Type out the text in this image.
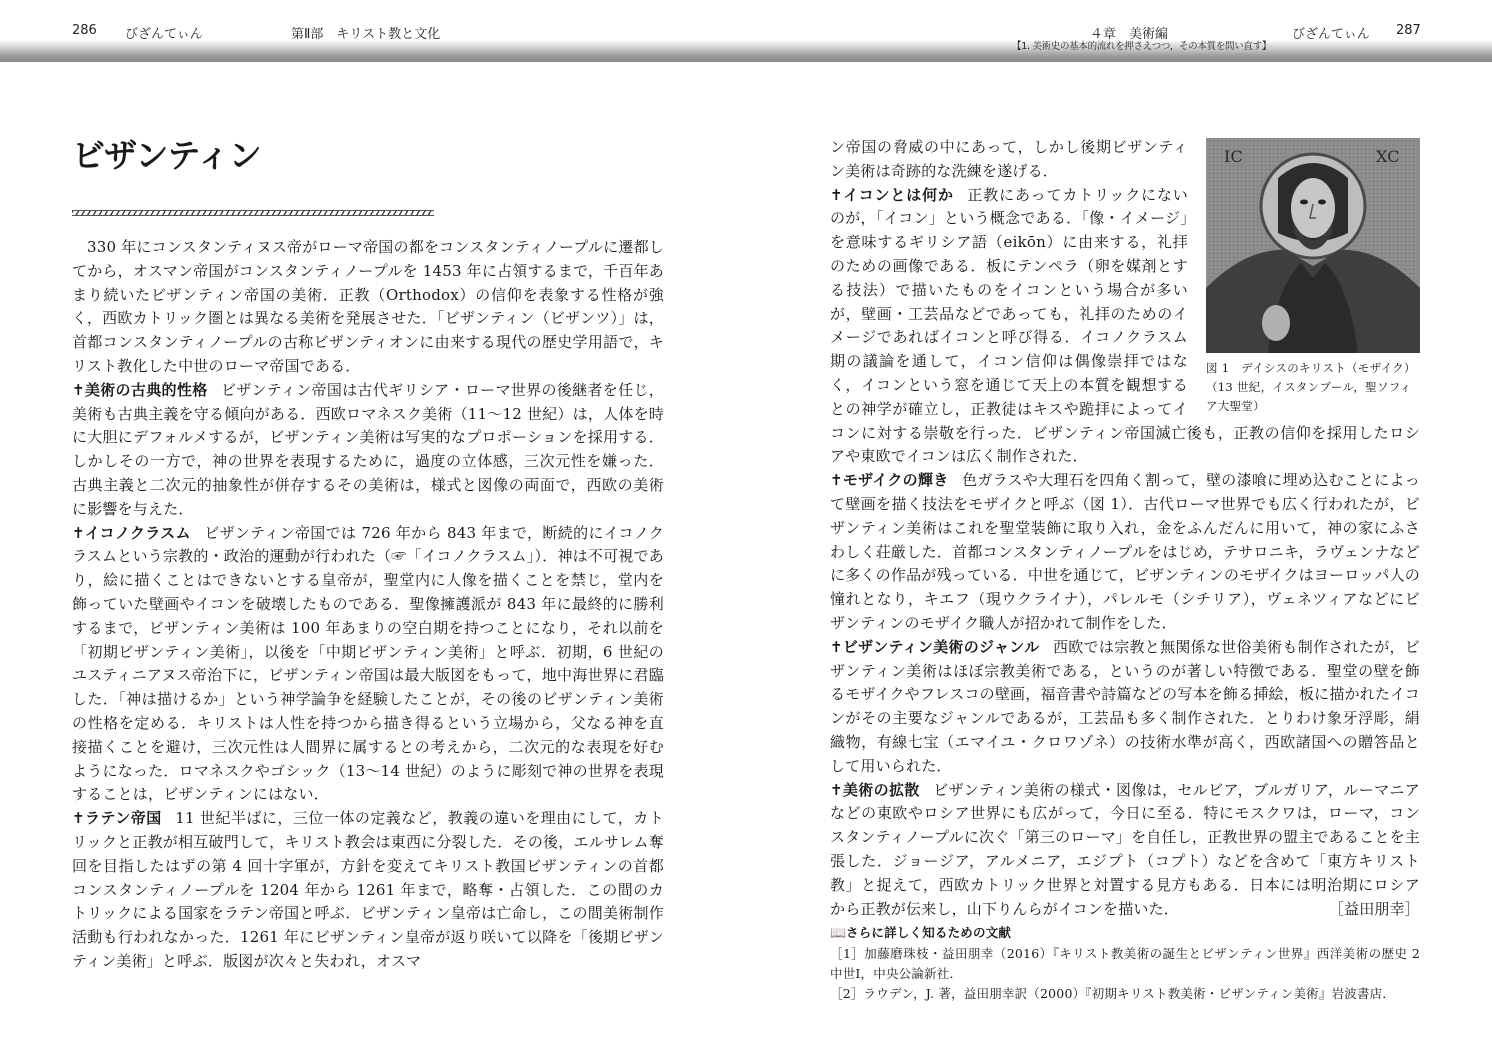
286 びざんてぃん	第Ⅱ部　キリスト教と文化	４章　美術編
【1. 美術史の基本的流れを押さえつつ，その本質を問い直す】
びざんてぃん 287
ビザンティン

330 年にコンスタンティヌス帝がローマ帝国の都をコンスタンティノープルに遷都してから，オスマン帝国がコンスタンティノープルを 1453 年に占領するまで，千百年あまり続いたビザンティン帝国の美術．正教（Orthodox）の信仰を表象する性格が強く，西欧カトリック圏とは異なる美術を発展させた．「ビザンティン（ビザンツ）」は，首都コンスタンティノープルの古称ビザンティオンに由来する現代の歴史学用語で，キリスト教化した中世のローマ帝国である．

✝美術の古典的性格 ビザンティン帝国は古代ギリシア・ローマ世界の後継者を任じ，美術も古典主義を守る傾向がある．西欧ロマネスク美術（11～12 世紀）は，人体を時に大胆にデフォルメするが，ビザンティン美術は写実的なプロポーションを採用する．しかしその一方で，神の世界を表現するために，過度の立体感，三次元性を嫌った．古典主義と二次元的抽象性が併存するその美術は，様式と図像の両面で，西欧の美術に影響を与えた．

✝イコノクラスム ビザンティン帝国では 726 年から 843 年まで，断続的にイコノクラスムという宗教的・政治的運動が行われた（☞「イコノクラスム」）．神は不可視であり，絵に描くことはできないとする皇帝が，聖堂内に人像を描くことを禁じ，堂内を飾っていた壁画やイコンを破壊したものである．聖像擁護派が 843 年に最終的に勝利するまで，ビザンティン美術は 100 年あまりの空白期を持つことになり，それ以前を「初期ビザンティン美術」，以後を「中期ビザンティン美術」と呼ぶ．初期，6 世紀のユスティニアヌス帝治下に，ビザンティン帝国は最大版図をもって，地中海世界に君臨した．「神は描けるか」という神学論争を経験したことが，その後のビザンティン美術の性格を定める．キリストは人性を持つから描き得るという立場から，父なる神を直接描くことを避け，三次元性は人間界に属するとの考えから，二次元的な表現を好むようになった．ロマネスクやゴシック（13～14 世紀）のように彫刻で神の世界を表現することは，ビザンティンにはない．

✝ラテン帝国 11 世紀半ばに，三位一体の定義など，教義の違いを理由にして，カトリックと正教が相互破門して，キリスト教会は東西に分裂した．その後，エルサレム奪回を目指したはずの第 4 回十字軍が，方針を変えてキリスト教国ビザンティンの首都コンスタンティノープルを 1204 年から 1261 年まで，略奪・占領した．この間のカトリックによる国家をラテン帝国と呼ぶ．ビザンティン皇帝は亡命し，この間美術制作活動も行われなかった．1261 年にビザンティン皇帝が返り咲いて以降を「後期ビザンティン美術」と呼ぶ．版図が次々と失われ，オスマ

XC
IC
図 1　デイシスのキリスト（モザイク）（13 世紀，イスタンブール，聖ソフィア大聖堂）

ン帝国の脅威の中にあって，しかし後期ビザンティン美術は奇跡的な洗練を遂げる．

✝イコンとは何か 正教にあってカトリックにないのが，「イコン」という概念である．「像・イメージ」を意味するギリシア語（eikōn）に由来する，礼拝のための画像である．板にテンペラ（卵を媒剤とする技法）で描いたものをイコンという場合が多いが，壁画・工芸品などであっても，礼拝のためのイメージであればイコンと呼び得る．イコノクラスム期の議論を通して，イコン信仰は偶像崇拝ではなく，イコンという窓を通じて天上の本質を観想するとの神学が確立し，正教徒はキスや跪拝によってイコンに対する崇敬を行った．ビザンティン帝国滅亡後も，正教の信仰を採用したロシアや東欧でイコンは広く制作された．

✝モザイクの輝き 色ガラスや大理石を四角く割って，壁の漆喰に埋め込むことによって壁画を描く技法をモザイクと呼ぶ（図 1）．古代ローマ世界でも広く行われたが，ビザンティン美術はこれを聖堂装飾に取り入れ，金をふんだんに用いて，神の家にふさわしく荘厳した．首都コンスタンティノープルをはじめ，テサロニキ，ラヴェンナなどに多くの作品が残っている．中世を通じて，ビザンティンのモザイクはヨーロッパ人の憧れとなり，キエフ（現ウクライナ），パレルモ（シチリア），ヴェネツィアなどにビザンティンのモザイク職人が招かれて制作をした．

✝ビザンティン美術のジャンル 西欧では宗教と無関係な世俗美術も制作されたが，ビザンティン美術はほぼ宗教美術である，というのが著しい特徴である．聖堂の壁を飾るモザイクやフレスコの壁画，福音書や詩篇などの写本を飾る挿絵，板に描かれたイコンがその主要なジャンルであるが，工芸品も多く制作された．とりわけ象牙浮彫，絹織物，有線七宝（エマイユ・クロワゾネ）の技術水準が高く，西欧諸国への贈答品として用いられた．

✝美術の拡散 ビザンティン美術の様式・図像は，セルビア，ブルガリア，ルーマニアなどの東欧やロシア世界にも広がって，今日に至る．特にモスクワは，ローマ，コンスタンティノープルに次ぐ「第三のローマ」を自任し，正教世界の盟主であることを主張した．ジョージア，アルメニア，エジプト（コプト）などを含めて「東方キリスト教」と捉えて，西欧カトリック世界と対置する見方もある．日本には明治期にロシアから正教が伝来し，山下りんらがイコンを描いた．	［益田朋幸］

📖さらに詳しく知るための文献
［1］加藤磨珠枝・益田朋幸（2016）『キリスト教美術の誕生とビザンティン世界』西洋美術の歴史 2　中世Ⅰ，中央公論新社．
［2］ラウデン，J. 著，益田朋幸訳（2000）『初期キリスト教美術・ビザンティン美術』岩波書店．
